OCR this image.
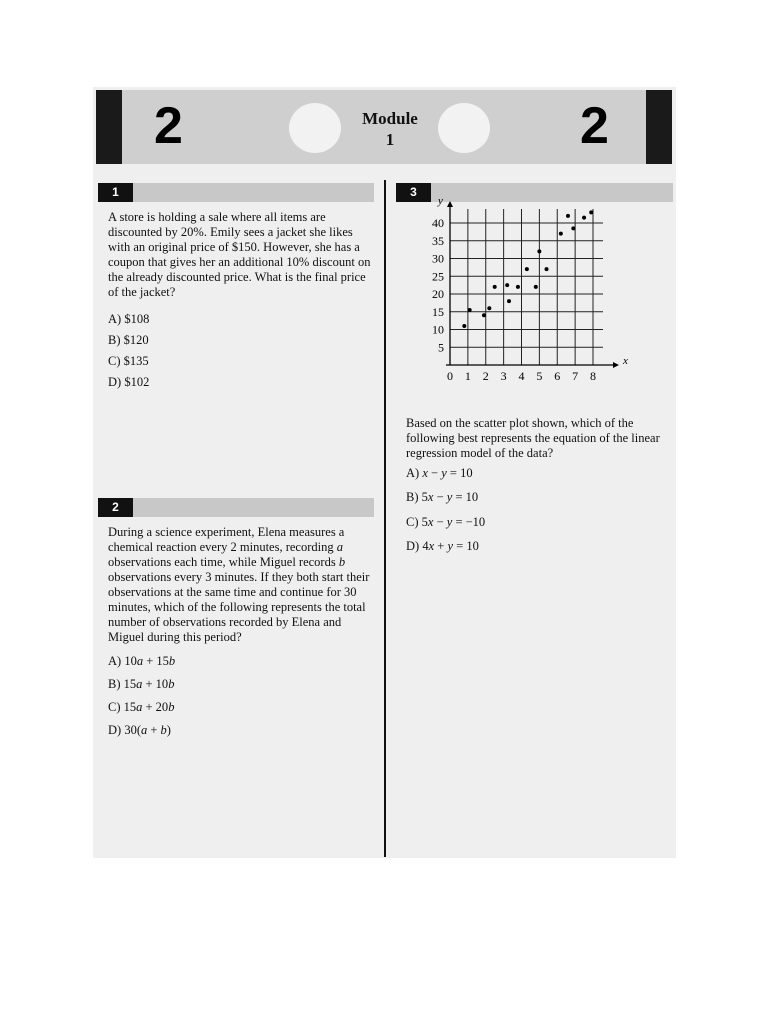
2	Module
1	2
1
A store is holding a sale where all items are discounted by 20%. Emily sees a jacket she likes with an original price of $150. However, she has a coupon that gives her an additional 10% discount on the already discounted price. What is the final price of the jacket?
A) $108
B) $120
C) $135
D) $102
2
During a science experiment, Elena measures a chemical reaction every 2 minutes, recording a observations each time, while Miguel records b observations every 3 minutes. If they both start their observations at the same time and continue for 30 minutes, which of the following represents the total number of observations recorded by Elena and Miguel during this period?
A) 10a + 15b
B) 15a + 10b
C) 15a + 20b
D) 30(a + b)
3
0 1 2 3 4 5 6 7 8
5
10
15
20
25
30
35
40
x
y
Based on the scatter plot shown, which of the following best represents the equation of the linear regression model of the data?
A) x − y = 10
B) 5x − y = 10
C) 5x − y = −10
D) 4x + y = 10
